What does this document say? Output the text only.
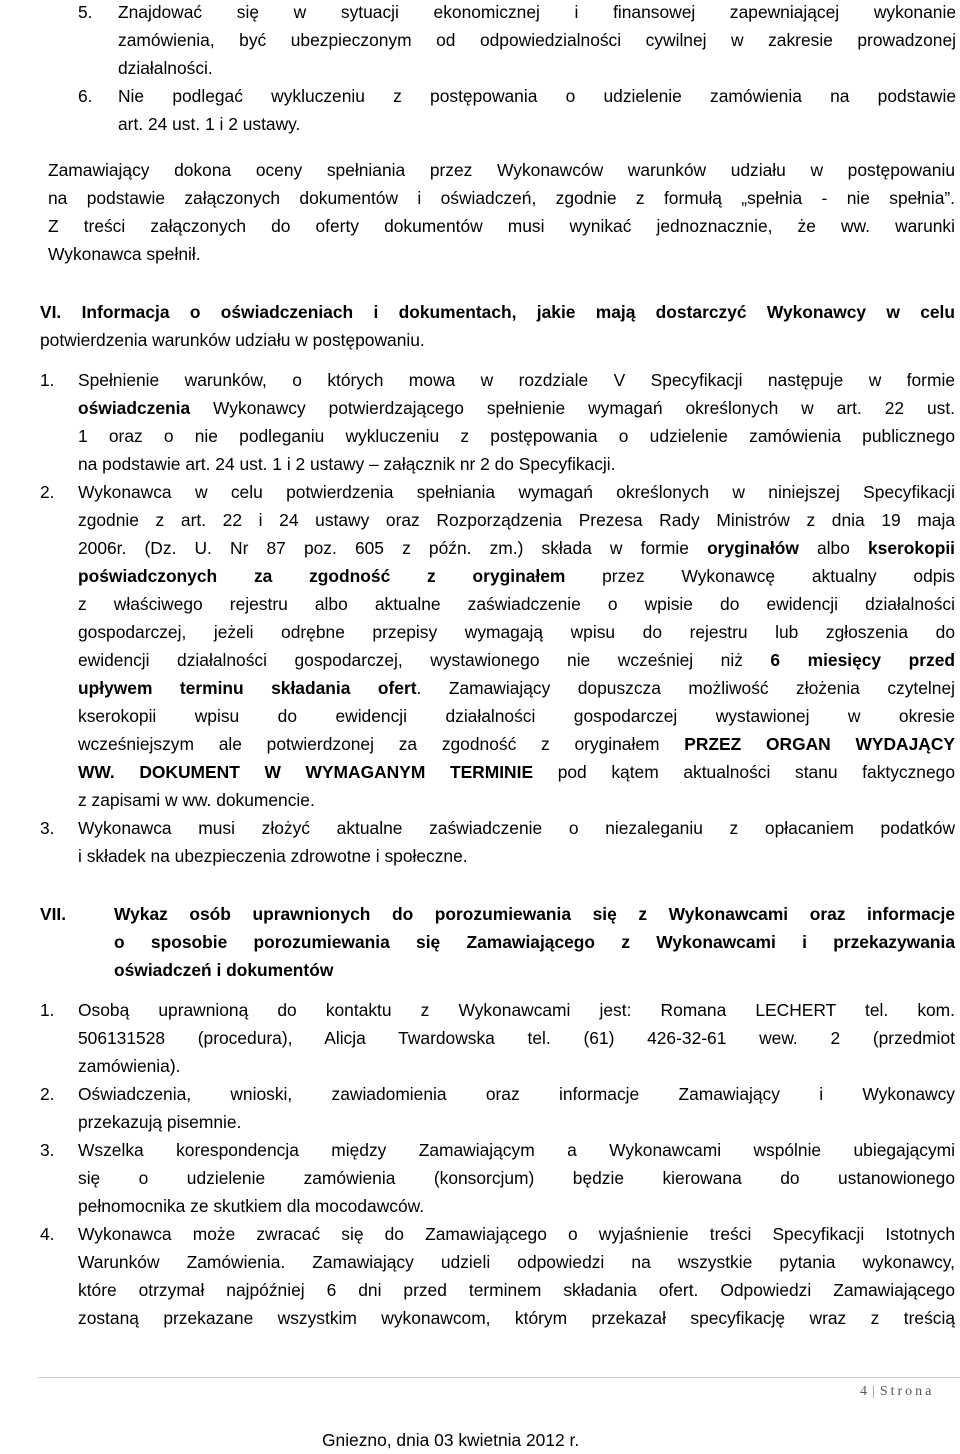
5. Znajdować się w sytuacji ekonomicznej i finansowej zapewniającej wykonanie
zamówienia, być ubezpieczonym od odpowiedzialności cywilnej w zakresie prowadzonej
działalności.
6. Nie podlegać wykluczeniu z postępowania o udzielenie zamówienia na podstawie
art. 24 ust. 1 i 2 ustawy.
Zamawiający dokona oceny spełniania przez Wykonawców warunków udziału w postępowaniu
na podstawie załączonych dokumentów i oświadczeń, zgodnie z formułą „spełnia - nie spełnia”.
Z treści załączonych do oferty dokumentów musi wynikać jednoznacznie, że ww. warunki
Wykonawca spełnił.
VI. Informacja o oświadczeniach i dokumentach, jakie mają dostarczyć Wykonawcy w celu
potwierdzenia warunków udziału w postępowaniu.
1. Spełnienie warunków, o których mowa w rozdziale V Specyfikacji następuje w formie
oświadczenia Wykonawcy potwierdzającego spełnienie wymagań określonych w art. 22 ust.
1 oraz o nie podleganiu wykluczeniu z postępowania o udzielenie zamówienia publicznego
na podstawie art. 24 ust. 1 i 2 ustawy – załącznik nr 2 do Specyfikacji.
2. Wykonawca w celu potwierdzenia spełniania wymagań określonych w niniejszej Specyfikacji
zgodnie z art. 22 i 24 ustawy oraz Rozporządzenia Prezesa Rady Ministrów z dnia 19 maja
2006r. (Dz. U. Nr 87 poz. 605 z późn. zm.) składa w formie oryginałów albo kserokopii
poświadczonych za zgodność z oryginałem przez Wykonawcę aktualny odpis
z właściwego rejestru albo aktualne zaświadczenie o wpisie do ewidencji działalności
gospodarczej, jeżeli odrębne przepisy wymagają wpisu do rejestru lub zgłoszenia do
ewidencji działalności gospodarczej, wystawionego nie wcześniej niż 6 miesięcy przed
upływem terminu składania ofert. Zamawiający dopuszcza możliwość złożenia czytelnej
kserokopii wpisu do ewidencji działalności gospodarczej wystawionej w okresie
wcześniejszym ale potwierdzonej za zgodność z oryginałem PRZEZ ORGAN WYDAJĄCY
WW. DOKUMENT W WYMAGANYM TERMINIE pod kątem aktualności stanu faktycznego
z zapisami w ww. dokumencie.
3. Wykonawca musi złożyć aktualne zaświadczenie o niezaleganiu z opłacaniem podatków
i składek na ubezpieczenia zdrowotne i społeczne.
VII.	Wykaz osób uprawnionych do porozumiewania się z Wykonawcami oraz informacje
o sposobie porozumiewania się Zamawiającego z Wykonawcami i przekazywania
oświadczeń i dokumentów
1. Osobą uprawnioną do kontaktu z Wykonawcami jest: Romana LECHERT tel. kom.
506131528 (procedura), Alicja Twardowska tel. (61) 426-32-61 wew. 2 (przedmiot
zamówienia).
2. Oświadczenia, wnioski, zawiadomienia oraz informacje Zamawiający i Wykonawcy
przekazują pisemnie.
3. Wszelka korespondencja między Zamawiającym a Wykonawcami wspólnie ubiegającymi
się o udzielenie zamówienia (konsorcjum) będzie kierowana do ustanowionego
pełnomocnika ze skutkiem dla mocodawców.
4. Wykonawca może zwracać się do Zamawiającego o wyjaśnienie treści Specyfikacji Istotnych
Warunków Zamówienia. Zamawiający udzieli odpowiedzi na wszystkie pytania wykonawcy,
które otrzymał najpóźniej 6 dni przed terminem składania ofert. Odpowiedzi Zamawiającego
zostaną przekazane wszystkim wykonawcom, którym przekazał specyfikację wraz z treścią
4 | Strona
Gniezno, dnia 03 kwietnia 2012 r.
